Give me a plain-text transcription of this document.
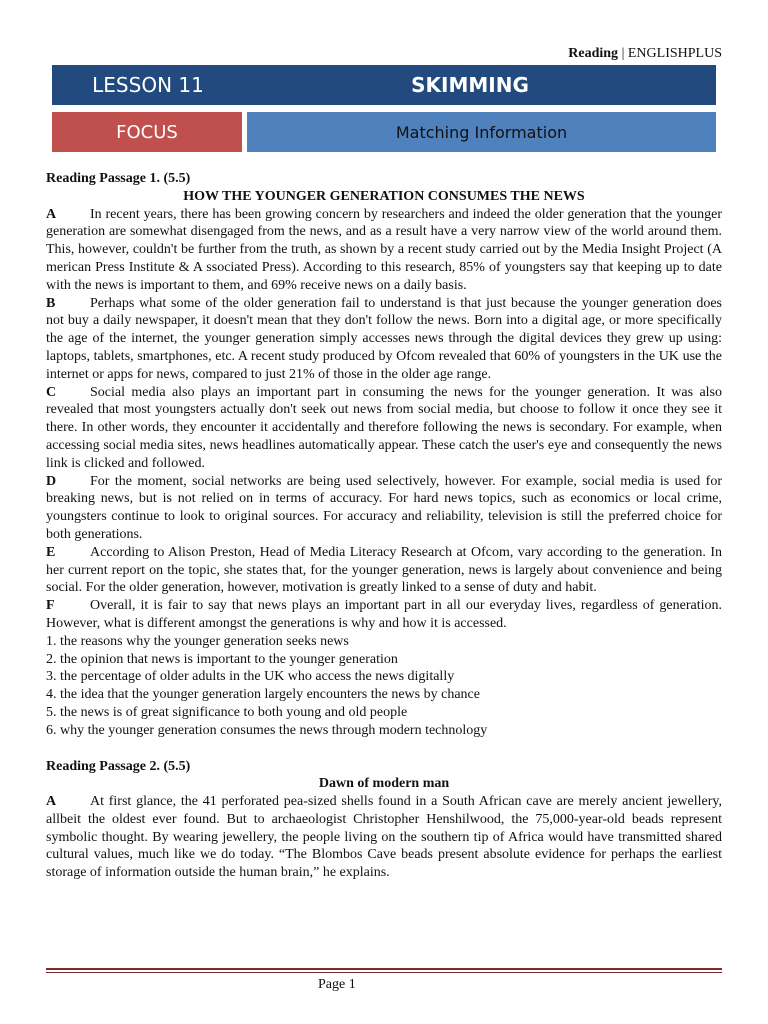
Reading | ENGLISHPLUS
LESSON 11	SKIMMING
FOCUS	Matching Information

Reading Passage 1. (5.5)

HOW THE YOUNGER GENERATION CONSUMES THE NEWS

A In recent years, there has been growing concern by researchers and indeed the older generation that the younger generation are somewhat disengaged from the news, and as a result have a very narrow view of the world around them. This, however, couldn't be further from the truth, as shown by a recent study carried out by the Media Insight Project (A merican Press Institute & A ssociated Press). According to this research, 85% of youngsters say that keeping up to date with the news is important to them, and 69% receive news on a daily basis.

B Perhaps what some of the older generation fail to understand is that just because the younger generation does not buy a daily newspaper, it doesn't mean that they don't follow the news. Born into a digital age, or more specifically the age of the internet, the younger generation simply accesses news through the digital devices they grew up using: laptops, tablets, smartphones, etc. A recent study produced by Ofcom revealed that 60% of youngsters in the UK use the internet or apps for news, compared to just 21% of those in the older age range.

C Social media also plays an important part in consuming the news for the younger generation. It was also revealed that most youngsters actually don't seek out news from social media, but choose to follow it once they see it there. In other words, they encounter it accidentally and therefore following the news is secondary. For example, when accessing social media sites, news headlines automatically appear. These catch the user's eye and consequently the news link is clicked and followed.

D For the moment, social networks are being used selectively, however. For example, social media is used for breaking news, but is not relied on in terms of accuracy. For hard news topics, such as economics or local crime, youngsters continue to look to original sources. For accuracy and reliability, television is still the preferred choice for both generations.

E According to Alison Preston, Head of Media Literacy Research at Ofcom, vary according to the generation. In her current report on the topic, she states that, for the younger generation, news is largely about convenience and being social. For the older generation, however, motivation is greatly linked to a sense of duty and habit.

F	Overall, it is fair to say that news plays an important part in all our everyday lives, regardless of generation. However, what is different amongst the generations is why and how it is accessed.

1. the reasons why the younger generation seeks news

2. the opinion that news is important to the younger generation

3. the percentage of older adults in the UK who access the news digitally

4. the idea that the younger generation largely encounters the news by chance

5. the news is of great significance to both young and old people

6. why the younger generation consumes the news through modern technology

Reading Passage 2. (5.5)

Dawn of modern man

A At first glance, the 41 perforated pea-sized shells found in a South African cave are merely ancient jewellery, allbeit the oldest ever found. But to archaeologist Christopher Henshilwood, the 75,000-year-old beads represent symbolic thought. By wearing jewellery, the people living on the southern tip of Africa would have transmitted shared cultural values, much like we do today. “The Blombos Cave beads present absolute evidence for perhaps the earliest storage of information outside the human brain,” he explains.

Page 1
